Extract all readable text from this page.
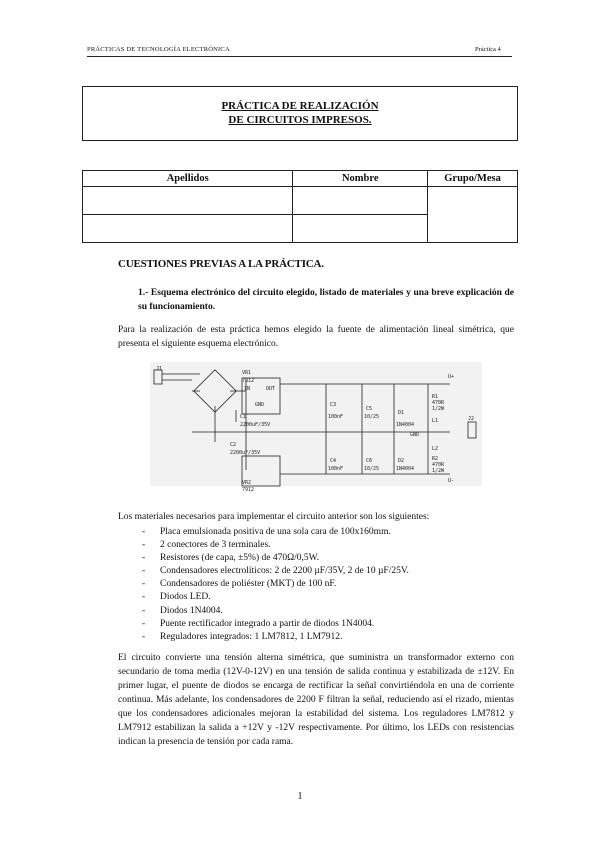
PRÁCTICAS DE TECNOLOGÍA ELECTRÓNICA	Práctica 4
PRÁCTICA DE REALIZACIÓN
DE CIRCUITOS IMPRESOS.
Apellidos	Nombre	Grupo/Mesa

CUESTIONES PREVIAS A LA PRÁCTICA.
1.- Esquema electrónico del circuito elegido, listado de materiales y una breve explicación de su funcionamiento.
Para la realización de esta práctica hemos elegido la fuente de alimentación lineal simétrica, que presenta el siguiente esquema electrónico.
J1
VR1
7812
IN	OUT
GND
VR2
7912
C1
2200uF/35V
C2
2200uF/35V
C3
100nF
C4
100nF
C5
10/25
C6
10/25
D1
1N4004
D2
1N4004
R1
470R
1/2W
L1
L2
R2
470R
1/2W
U+
U-
GND
J2
Los materiales necesarios para implementar el circuito anterior son los siguientes:
- Placa emulsionada positiva de una sola cara de 100x160mm.
- 2 conectores de 3 terminales.
- Resistores (de capa, ±5%) de 470Ω/0,5W.
- Condensadores electrolíticos: 2 de 2200 µF/35V, 2 de 10 µF/25V.
- Condensadores de poliéster (MKT) de 100 nF.
- Diodos LED.
- Diodos 1N4004.
- Puente rectificador integrado a partir de diodos 1N4004.
- Reguladores integrados: 1 LM7812, 1 LM7912.
El circuito convierte una tensión alterna simétrica, que suministra un transformador externo con secundario de toma media (12V-0-12V) en una tensión de salida continua y estabilizada de ±12V. En primer lugar, el puente de diodos se encarga de rectificar la señal convirtiéndola en una de corriente continua. Más adelante, los condensadores de 2200 F filtran la señal, reduciendo así el rizado, mientas que los condensadores adicionales mejoran la estabilidad del sistema. Los reguladores LM7812 y LM7912 estabilizan la salida a +12V y -12V respectivamente. Por último, los LEDs con resistencias indican la presencia de tensión por cada rama.
1
